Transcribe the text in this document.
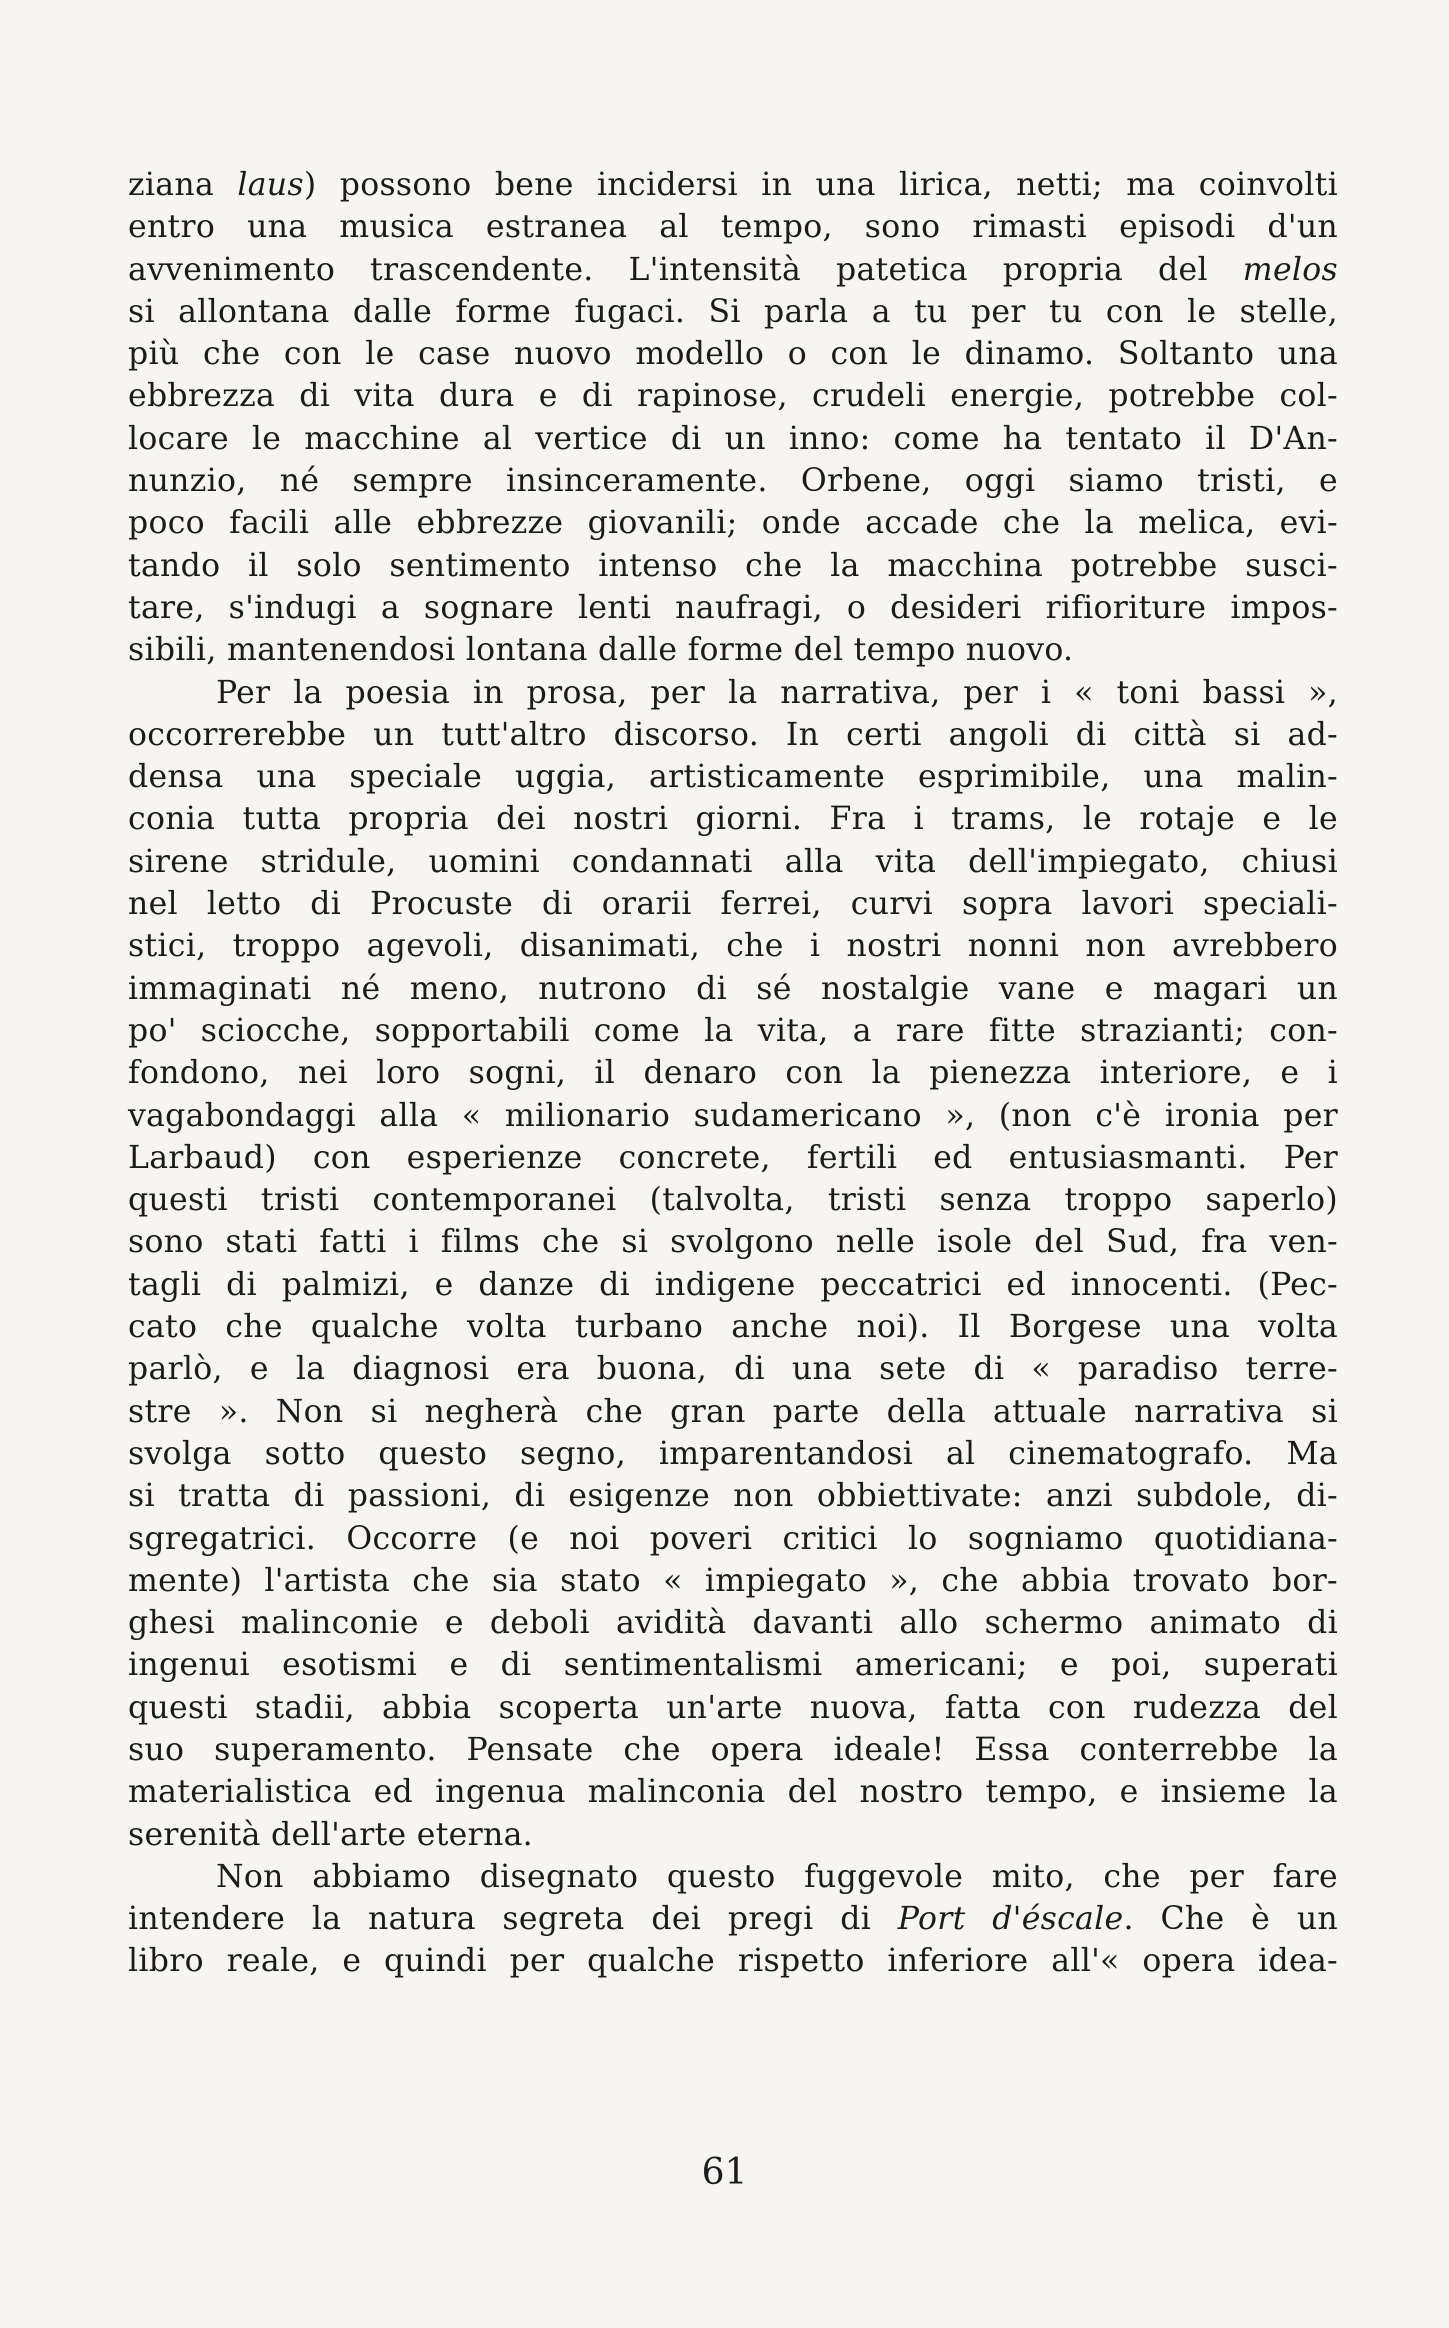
ziana laus) possono bene incidersi in una lirica, netti; ma coinvolti
entro una musica estranea al tempo, sono rimasti episodi d'un
avvenimento trascendente. L'intensità patetica propria del melos
si allontana dalle forme fugaci. Si parla a tu per tu con le stelle,
più che con le case nuovo modello o con le dinamo. Soltanto una
ebbrezza di vita dura e di rapinose, crudeli energie, potrebbe col-
locare le macchine al vertice di un inno: come ha tentato il D'An-
nunzio, né sempre insinceramente. Orbene, oggi siamo tristi, e
poco facili alle ebbrezze giovanili; onde accade che la melica, evi-
tando il solo sentimento intenso che la macchina potrebbe susci-
tare, s'indugi a sognare lenti naufragi, o desideri rifioriture impos-
sibili, mantenendosi lontana dalle forme del tempo nuovo.
Per la poesia in prosa, per la narrativa, per i « toni bassi »,
occorrerebbe un tutt'altro discorso. In certi angoli di città si ad-
densa una speciale uggia, artisticamente esprimibile, una malin-
conia tutta propria dei nostri giorni. Fra i trams, le rotaje e le
sirene stridule, uomini condannati alla vita dell'impiegato, chiusi
nel letto di Procuste di orarii ferrei, curvi sopra lavori speciali-
stici, troppo agevoli, disanimati, che i nostri nonni non avrebbero
immaginati né meno, nutrono di sé nostalgie vane e magari un
po' sciocche, sopportabili come la vita, a rare fitte strazianti; con-
fondono, nei loro sogni, il denaro con la pienezza interiore, e i
vagabondaggi alla « milionario sudamericano », (non c'è ironia per
Larbaud) con esperienze concrete, fertili ed entusiasmanti. Per
questi tristi contemporanei (talvolta, tristi senza troppo saperlo)
sono stati fatti i films che si svolgono nelle isole del Sud, fra ven-
tagli di palmizi, e danze di indigene peccatrici ed innocenti. (Pec-
cato che qualche volta turbano anche noi). Il Borgese una volta
parlò, e la diagnosi era buona, di una sete di « paradiso terre-
stre ». Non si negherà che gran parte della attuale narrativa si
svolga sotto questo segno, imparentandosi al cinematografo. Ma
si tratta di passioni, di esigenze non obbiettivate: anzi subdole, di-
sgregatrici. Occorre (e noi poveri critici lo sogniamo quotidiana-
mente) l'artista che sia stato « impiegato », che abbia trovato bor-
ghesi malinconie e deboli avidità davanti allo schermo animato di
ingenui esotismi e di sentimentalismi americani; e poi, superati
questi stadii, abbia scoperta un'arte nuova, fatta con rudezza del
suo superamento. Pensate che opera ideale! Essa conterrebbe la
materialistica ed ingenua malinconia del nostro tempo, e insieme la
serenità dell'arte eterna.
Non abbiamo disegnato questo fuggevole mito, che per fare
intendere la natura segreta dei pregi di Port d'éscale. Che è un
libro reale, e quindi per qualche rispetto inferiore all'« opera idea-
61
